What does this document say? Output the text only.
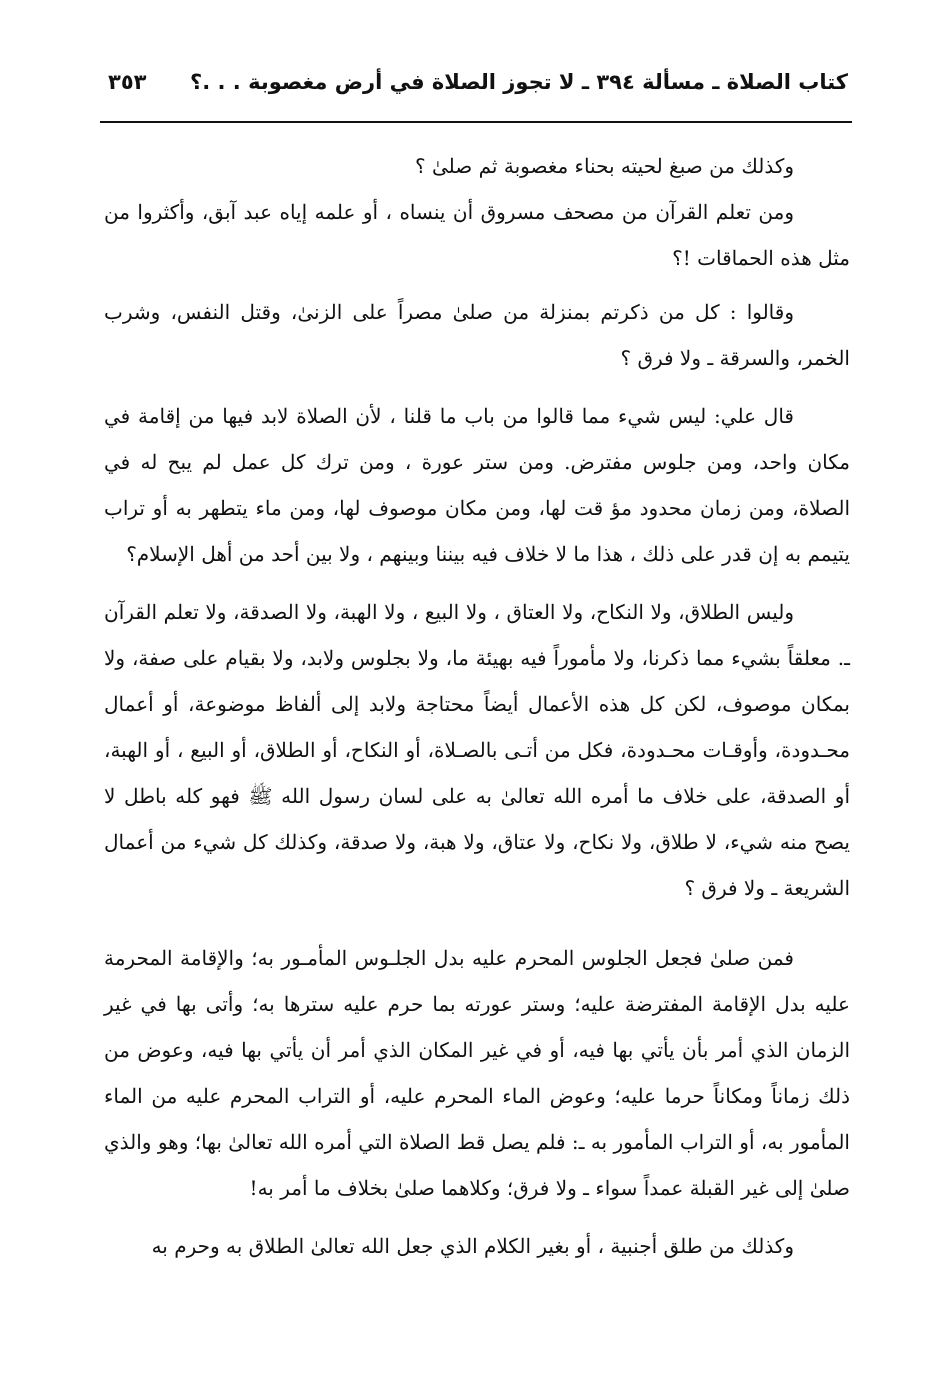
كتاب الصلاة ـ مسألة ٣٩٤ ـ لا تجوز الصلاة في أرض مغصوبة . . .؟
٣٥٣

وكذلك من صبغ لحيته بحناء مغصوبة ثم صلىٰ ؟

ومن تعلم القرآن من مصحف مسروق أن ينساه ، أو علمه إياه عبد آبق، وأكثروا من مثل هذه الحماقات !؟

وقالوا : كل من ذكرتم بمنزلة من صلىٰ مصراً على الزنىٰ، وقتل النفس، وشرب الخمر، والسرقة ـ ولا فرق ؟

قال علي: ليس شيء مما قالوا من باب ما قلنا ، لأن الصلاة لابد فيها من إقامة في مكان واحد، ومن جلوس مفترض. ومن ستر عورة ، ومن ترك كل عمل لم يبح له في الصلاة، ومن زمان محدود مؤ قت لها، ومن مكان موصوف لها، ومن ماء يتطهر به أو تراب يتيمم به إن قدر على ذلك ، هذا ما لا خلاف فيه بيننا وبينهم ، ولا بين أحد من أهل الإسلام؟

وليس الطلاق، ولا النكاح، ولا العتاق ، ولا البيع ، ولا الهبة، ولا الصدقة، ولا تعلم القرآن ـ. معلقاً بشيء مما ذكرنا، ولا مأموراً فيه بهيئة ما، ولا بجلوس ولابد، ولا بقيام على صفة، ولا بمكان موصوف، لكن كل هذه الأعمال أيضاً محتاجة ولابد إلى ألفاظ موضوعة، أو أعمال محـدودة، وأوقـات محـدودة، فكل من أتـى بالصـلاة، أو النكاح، أو الطلاق، أو البيع ، أو الهبة، أو الصدقة، على خلاف ما أمره الله تعالىٰ به على لسان رسول الله ﷺ فهو كله باطل لا يصح منه شيء، لا طلاق، ولا نكاح، ولا عتاق، ولا هبة، ولا صدقة، وكذلك كل شيء من أعمال الشريعة ـ ولا فرق ؟

فمن صلىٰ فجعل الجلوس المحرم عليه بدل الجلـوس المأمـور به؛ والإقامة المحرمة عليه بدل الإقامة المفترضة عليه؛ وستر عورته بما حرم عليه سترها به؛ وأتى بها في غير الزمان الذي أمر بأن يأتي بها فيه، أو في غير المكان الذي أمر أن يأتي بها فيه، وعوض من ذلك زماناً ومكاناً حرما عليه؛ وعوض الماء المحرم عليه، أو التراب المحرم عليه من الماء المأمور به، أو التراب المأمور به ـ: فلم يصل قط الصلاة التي أمره الله تعالىٰ بها؛ وهو والذي صلىٰ إلى غير القبلة عمداً سواء ـ ولا فرق؛ وكلاهما صلىٰ بخلاف ما أمر به!

وكذلك من طلق أجنبية ، أو بغير الكلام الذي جعل الله تعالىٰ الطلاق به وحرم به
